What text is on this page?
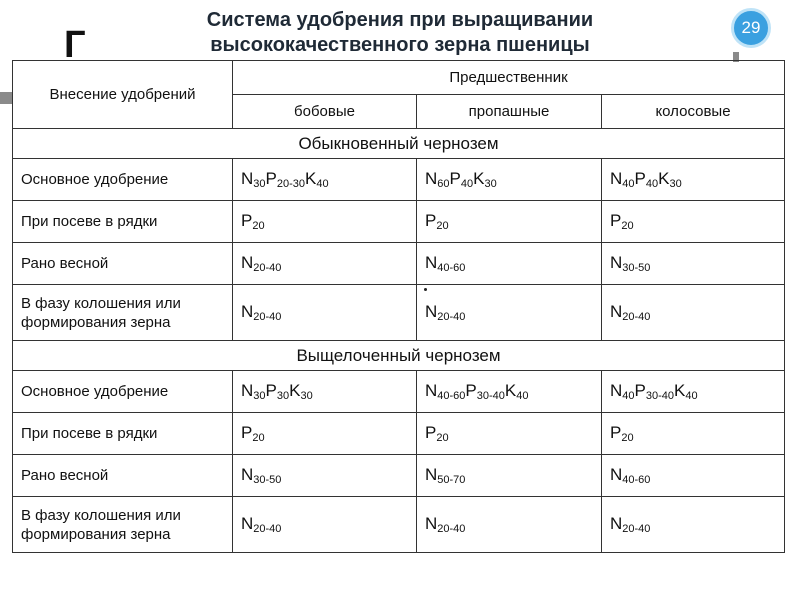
Система удобрения при выращивании
высококачественного зерна пшеницы
Г	29
Внесение удобрений	Предшественник		
	бобовые	пропашные	колосовые
Обыкновенный чернозем			
Основное удобрение	$N_{30}P_{20-30}K_{40}$	$N_{60}P_{40}K_{30}$	$N_{40}P_{40}K_{30}$
При посеве в рядки	$P_{20}$	$P_{20}$	$P_{20}$
Рано весной	$N_{20-40}$	$N_{40-60}$	$N_{30-50}$
В фазу колошения или формирования зерна	$N_{20-40}$	$N_{20-40}$	$N_{20-40}$
Выщелоченный чернозем			
Основное удобрение	$N_{30}P_{30}K_{30}$	$N_{40-60}P_{30-40}K_{40}$	$N_{40}P_{30-40}K_{40}$
При посеве в рядки	$P_{20}$	$P_{20}$	$P_{20}$
Рано весной	$N_{30-50}$	$N_{50-70}$	$N_{40-60}$
В фазу колошения или формирования зерна	$N_{20-40}$	$N_{20-40}$	$N_{20-40}$
